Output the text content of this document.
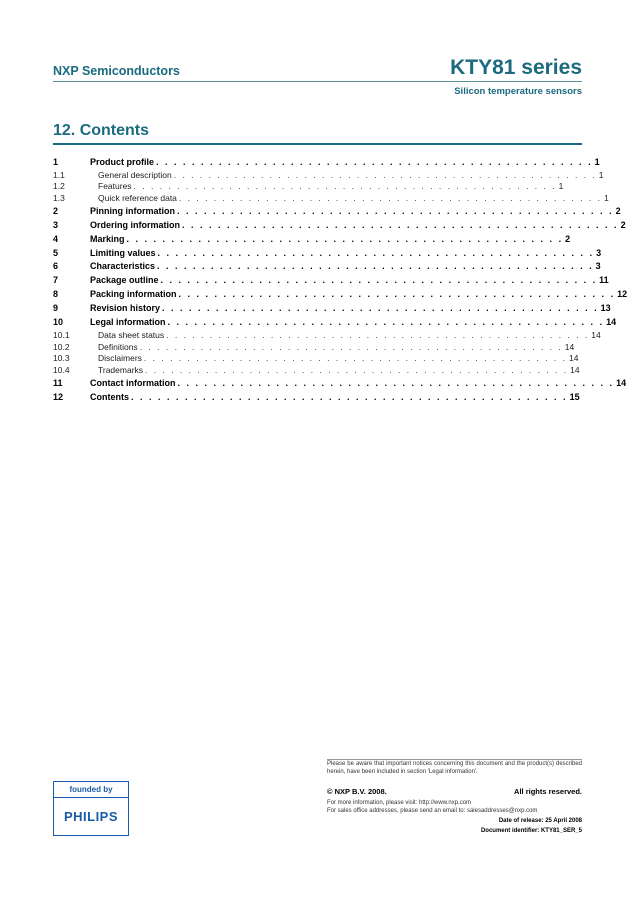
NXP Semiconductors	KTY81 series
Silicon temperature sensors
12. Contents
1	Product profile . . . . . . . . . . . . . . . . . . . . . . . . . . . . . . . . . . . . . . . . . . . . . . . . . 1
1.1	General description . . . . . . . . . . . . . . . . . . . . . . . . . . . . . . . . . . . . . . . . . . . . . . . . . 1
1.2	Features . . . . . . . . . . . . . . . . . . . . . . . . . . . . . . . . . . . . . . . . . . . . . . . . . 1
1.3	Quick reference data . . . . . . . . . . . . . . . . . . . . . . . . . . . . . . . . . . . . . . . . . . . . . . . . . 1
2	Pinning information . . . . . . . . . . . . . . . . . . . . . . . . . . . . . . . . . . . . . . . . . . . . . . . . . 2
3	Ordering information . . . . . . . . . . . . . . . . . . . . . . . . . . . . . . . . . . . . . . . . . . . . . . . . . 2
4	Marking . . . . . . . . . . . . . . . . . . . . . . . . . . . . . . . . . . . . . . . . . . . . . . . . . 2
5	Limiting values . . . . . . . . . . . . . . . . . . . . . . . . . . . . . . . . . . . . . . . . . . . . . . . . . 3
6	Characteristics . . . . . . . . . . . . . . . . . . . . . . . . . . . . . . . . . . . . . . . . . . . . . . . . . 3
7	Package outline . . . . . . . . . . . . . . . . . . . . . . . . . . . . . . . . . . . . . . . . . . . . . . . . . 11
8	Packing information . . . . . . . . . . . . . . . . . . . . . . . . . . . . . . . . . . . . . . . . . . . . . . . . . 12
9	Revision history . . . . . . . . . . . . . . . . . . . . . . . . . . . . . . . . . . . . . . . . . . . . . . . . . 13
10	Legal information . . . . . . . . . . . . . . . . . . . . . . . . . . . . . . . . . . . . . . . . . . . . . . . . . 14
10.1	Data sheet status . . . . . . . . . . . . . . . . . . . . . . . . . . . . . . . . . . . . . . . . . . . . . . . . . 14
10.2	Definitions . . . . . . . . . . . . . . . . . . . . . . . . . . . . . . . . . . . . . . . . . . . . . . . . . 14
10.3	Disclaimers . . . . . . . . . . . . . . . . . . . . . . . . . . . . . . . . . . . . . . . . . . . . . . . . . 14
10.4	Trademarks . . . . . . . . . . . . . . . . . . . . . . . . . . . . . . . . . . . . . . . . . . . . . . . . . 14
11	Contact information . . . . . . . . . . . . . . . . . . . . . . . . . . . . . . . . . . . . . . . . . . . . . . . . . 14
12	Contents . . . . . . . . . . . . . . . . . . . . . . . . . . . . . . . . . . . . . . . . . . . . . . . . . 15
Please be aware that important notices concerning this document and the product(s) described herein, have been included in section 'Legal information'.
© NXP B.V. 2008.	All rights reserved.
For more information, please visit: http://www.nxp.com
For sales office addresses, please send an email to: salesaddresses@nxp.com
Date of release: 25 April 2008
Document identifier: KTY81_SER_5
founded by
PHILIPS
